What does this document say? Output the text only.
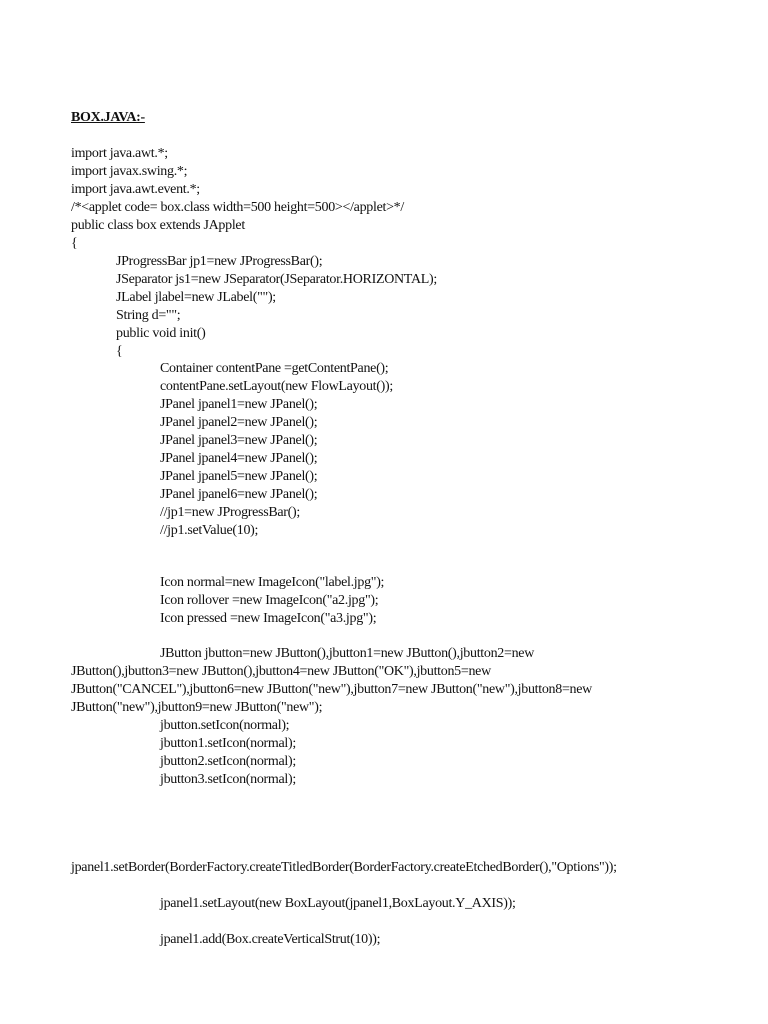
BOX.JAVA:-
import java.awt.*;
import javax.swing.*;
import java.awt.event.*;
/*<applet code= box.class width=500 height=500></applet>*/
public class box extends JApplet
{
JProgressBar jp1=new JProgressBar();
JSeparator js1=new JSeparator(JSeparator.HORIZONTAL);
JLabel jlabel=new JLabel("");
String d="";
public void init()
{
Container contentPane =getContentPane();
contentPane.setLayout(new FlowLayout());
JPanel jpanel1=new JPanel();
JPanel jpanel2=new JPanel();
JPanel jpanel3=new JPanel();
JPanel jpanel4=new JPanel();
JPanel jpanel5=new JPanel();
JPanel jpanel6=new JPanel();
//jp1=new JProgressBar();
//jp1.setValue(10);
Icon normal=new ImageIcon("label.jpg");
Icon rollover =new ImageIcon("a2.jpg");
Icon pressed =new ImageIcon("a3.jpg");
JButton jbutton=new JButton(),jbutton1=new JButton(),jbutton2=new
JButton(),jbutton3=new JButton(),jbutton4=new JButton("OK"),jbutton5=new
JButton("CANCEL"),jbutton6=new JButton("new"),jbutton7=new JButton("new"),jbutton8=new
JButton("new"),jbutton9=new JButton("new");
jbutton.setIcon(normal);
jbutton1.setIcon(normal);
jbutton2.setIcon(normal);
jbutton3.setIcon(normal);
jpanel1.setBorder(BorderFactory.createTitledBorder(BorderFactory.createEtchedBorder(),"Options"));
jpanel1.setLayout(new BoxLayout(jpanel1,BoxLayout.Y_AXIS));
jpanel1.add(Box.createVerticalStrut(10));
